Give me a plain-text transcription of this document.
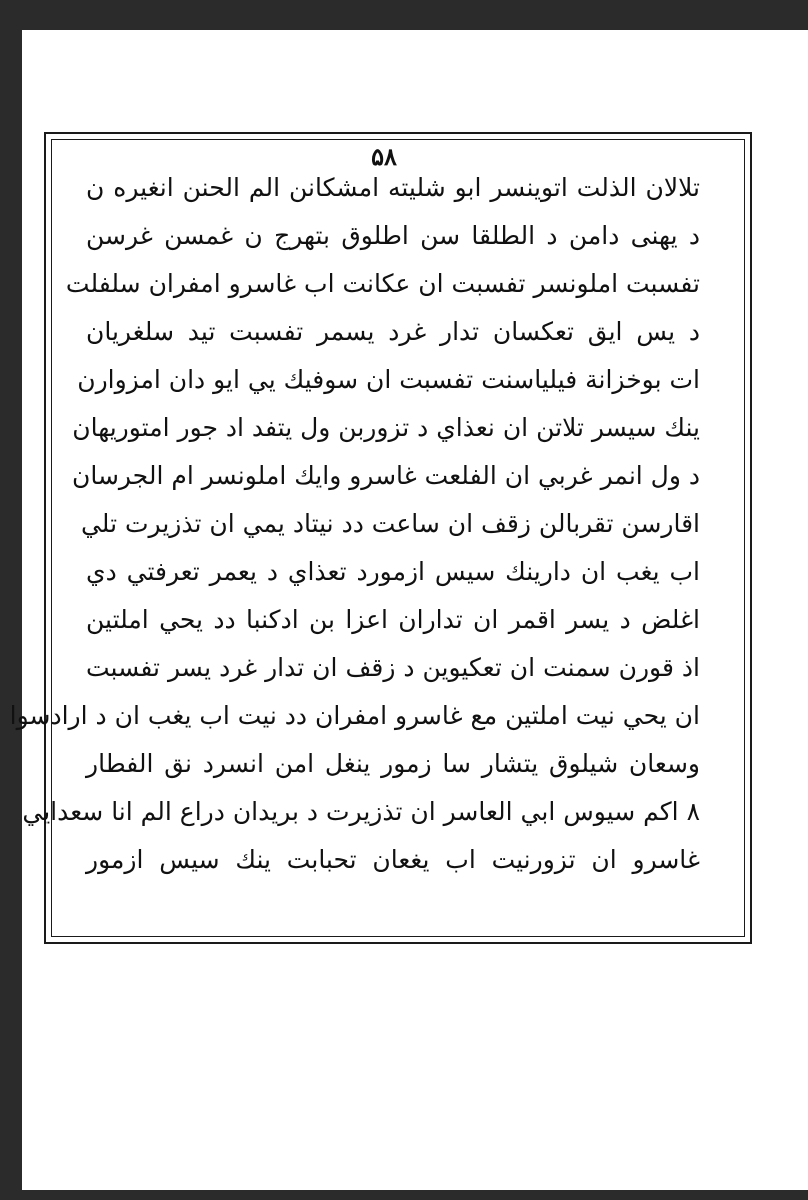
۵۸
تلالان الذلت اتوينسر ابو شليته امشكانن الم الحنن انغيره ن
د يهنى دامن د الطلقا سن اطلوق بتهرج ن غمسن غرسن
تفسبت املونسر تفسبت ان عكانت اب غاسرو امفران سلفلت
د يس ايق تعكسان تدار غرد يسمر تفسبت تيد سلغريان
ات بوخزانة فيلياسنت تفسبت ان سوفيك يي ايو دان امزوارن
ينك سيسر تلاتن ان نعذاي د تزوربن ول يتفد اد جور امتوريهان
د ول انمر غربي ان الفلعت غاسرو وايك املونسر ام الجرسان
اقارسن تقربالن زقف ان ساعت دد نيتاد يمي ان تذزيرت تلي
اب يغب ان دارينك سيس ازمورد تعذاي د يعمر تعرفتي دي
اغلض د يسر اقمر ان تداران اعزا بن ادكنبا دد يحي املتين
اذ قورن سمنت ان تعكيوين د زقف ان تدار غرد يسر تفسبت
ان يحي نيت املتين مع غاسرو امفران دد نيت اب يغب ان د ارادسوا
وسعان شيلوق يتشار سا زمور ينغل امن انسرد نق الفطار
۸ اكم سيوس ابي العاسر ان تذزيرت د بريدان دراع الم انا سعدايي
غاسرو ان تزورنيت اب يغعان تحبابت ينك سيس ازمور
